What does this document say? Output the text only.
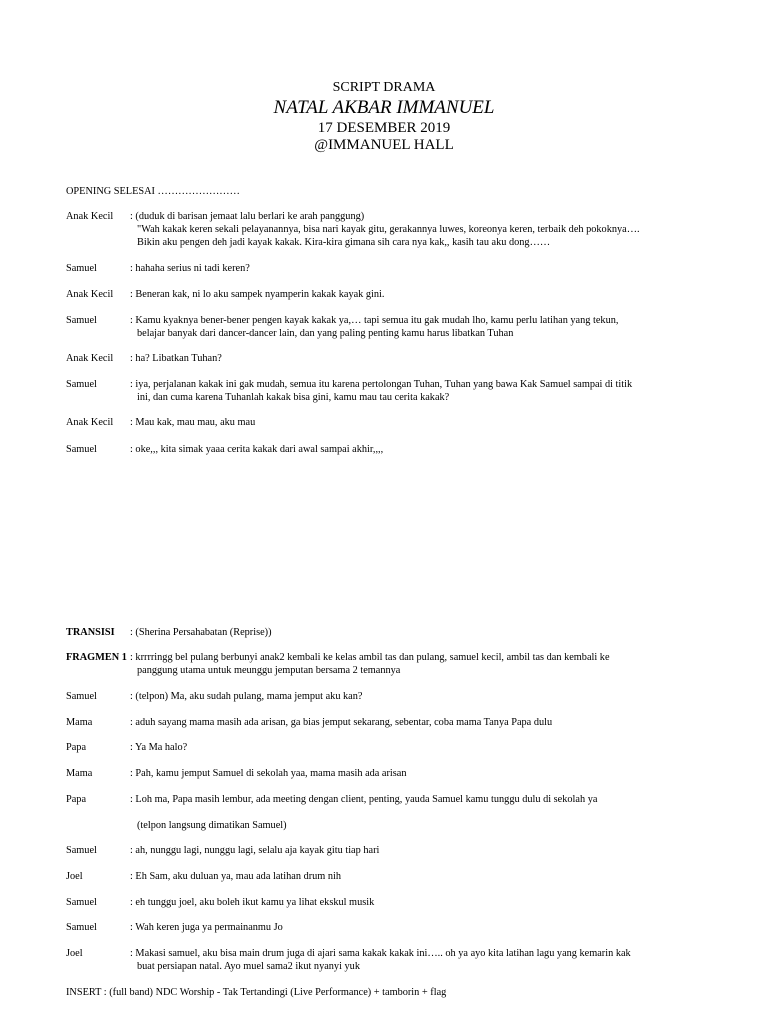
SCRIPT DRAMA
NATAL AKBAR IMMANUEL
17 DESEMBER 2019
@IMMANUEL HALL
OPENING SELESAI ……………………
Anak Kecil : (duduk di barisan jemaat lalu berlari ke arah panggung)
"Wah kakak keren sekali pelayanannya, bisa nari kayak gitu, gerakannya luwes, koreonya keren, terbaik deh pokoknya….
Bikin aku pengen deh jadi kayak kakak. Kira-kira gimana sih cara nya kak,, kasih tau aku dong……
Samuel	: hahaha serius ni tadi keren?
Anak Kecil : Beneran kak, ni lo aku sampek nyamperin kakak kayak gini.
Samuel	: Kamu kyaknya bener-bener pengen kayak kakak ya,… tapi semua itu gak mudah lho, kamu perlu latihan yang tekun,
belajar banyak dari dancer-dancer lain, dan yang paling penting kamu harus libatkan Tuhan
Anak Kecil : ha? Libatkan Tuhan?
Samuel	: iya, perjalanan kakak ini gak mudah, semua itu karena pertolongan Tuhan, Tuhan yang bawa Kak Samuel sampai di titik
ini, dan cuma karena Tuhanlah kakak bisa gini, kamu mau tau cerita kakak?
Anak Kecil : Mau kak, mau mau, aku mau
Samuel	: oke,,, kita simak yaaa cerita kakak dari awal sampai akhir,,,,
TRANSISI : (Sherina Persahabatan (Reprise))
FRAGMEN 1 : krrrringg bel pulang berbunyi anak2 kembali ke kelas ambil tas dan pulang, samuel kecil, ambil tas dan kembali ke
panggung utama untuk meunggu jemputan bersama 2 temannya
Samuel	: (telpon) Ma, aku sudah pulang, mama jemput aku kan?
Mama	: aduh sayang mama masih ada arisan, ga bias jemput sekarang, sebentar, coba mama Tanya Papa dulu
Papa	: Ya Ma halo?
Mama	: Pah, kamu jemput Samuel di sekolah yaa, mama masih ada arisan
Papa	: Loh ma, Papa masih lembur, ada meeting dengan client, penting, yauda Samuel kamu tunggu dulu di sekolah ya
(telpon langsung dimatikan Samuel)
Samuel	: ah, nunggu lagi, nunggu lagi, selalu aja kayak gitu tiap hari
Joel	: Eh Sam, aku duluan ya, mau ada latihan drum nih
Samuel	: eh tunggu joel, aku boleh ikut kamu ya lihat ekskul musik
Samuel	: Wah keren juga ya permainanmu Jo
Joel	: Makasi samuel, aku bisa main drum juga di ajari sama kakak kakak ini….. oh ya ayo kita latihan lagu yang kemarin kak
buat persiapan natal. Ayo muel sama2 ikut nyanyi yuk
INSERT : (full band) NDC Worship - Tak Tertandingi (Live Performance) + tamborin + flag
